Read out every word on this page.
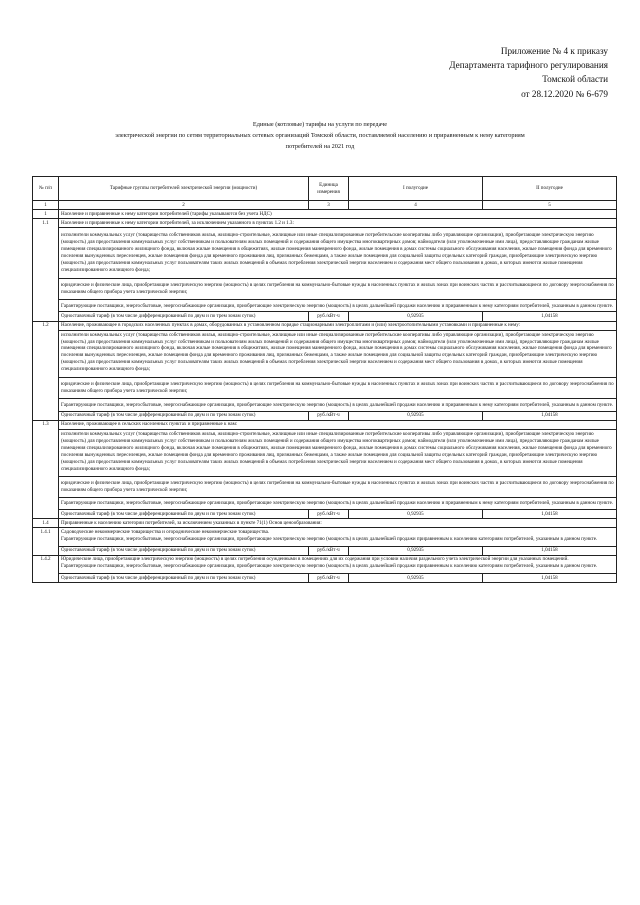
Приложение № 4 к приказу
Департамента тарифного регулирования
Томской области
от 28.12.2020 № 6-679
Единые (котловые) тарифы на услуги по передаче
электрической энергии по сетям территориальных сетевых организаций Томской области, поставляемой населению и приравненным к нему категориям
потребителей на 2021 год
№ п/п	Тарифные группы потребителей электрической энергии (мощности)	Единица измерения	I полугодие	II полугодие
1	2	3	4	5
1	Население и приравненные к нему категории потребителей (тарифы указываются без учета НДС)			
1.1	Население и приравненные к нему категории потребителей, за исключением указанного в пунктах 1.2 и 1.3:			
	исполнители коммунальных услуг (товарищества собственников жилья, жилищно-строительные, жилищные или иные специализированные потребительские кооперативы либо управляющие организации), приобретающие электрическую энергию (мощность) для предоставления коммунальных услуг собственникам и пользователям жилых помещений и содержания общего имущества многоквартирных домов; наймодатели (или уполномоченные ими лица), предоставляющие гражданам жилые помещения специализированного жилищного фонда, включая жилые помещения в общежитиях, жилые помещения маневренного фонда, жилые помещения в домах системы социального обслуживания населения, жилые помещения фонда для временного поселения вынужденных переселенцев, жилые помещения фонда для временного проживания лиц, признанных беженцами, а также жилые помещения для социальной защиты отдельных категорий граждан, приобретающие электрическую энергию (мощность) для предоставления коммунальных услуг пользователям таких жилых помещений в объемах потребления электрической энергии населением и содержания мест общего пользования в домах, в которых имеются жилые помещения специализированного жилищного фонда;			
	юридические и физические лица, приобретающие электрическую энергию (мощность) в целях потребления на коммунально-бытовые нужды в населенных пунктах и жилых зонах при воинских частях и рассчитывающиеся по договору энергоснабжения по показаниям общего прибора учета электрической энергии;			
	Гарантирующие поставщики, энергосбытовые, энергоснабжающие организации, приобретающие электрическую энергию (мощность) в целях дальнейшей продажи населению и приравненным к нему категориям потребителей, указанным в данном пункте.			
	Одноставочный тариф (в том числе дифференцированный по двум и по трем зонам суток)	руб./кВт·ч	0,92935	1,04158
1.2	Население, проживающее в городских населенных пунктах в домах, оборудованных в установленном порядке стационарными электроплитами и (или) электроотопительными установками и приравненные к нему:			
	исполнители коммунальных услуг (товарищества собственников жилья, жилищно-строительные, жилищные или иные специализированные потребительские кооперативы либо управляющие организации), приобретающие электрическую энергию (мощность) для предоставления коммунальных услуг собственникам и пользователям жилых помещений и содержания общего имущества многоквартирных домов; наймодатели (или уполномоченные ими лица), предоставляющие гражданам жилые помещения специализированного жилищного фонда, включая жилые помещения в общежитиях, жилые помещения маневренного фонда, жилые помещения в домах системы социального обслуживания населения, жилые помещения фонда для временного поселения вынужденных переселенцев, жилые помещения фонда для временного проживания лиц, признанных беженцами, а также жилые помещения для социальной защиты отдельных категорий граждан, приобретающие электрическую энергию (мощность) для предоставления коммунальных услуг пользователям таких жилых помещений в объемах потребления электрической энергии населением и содержания мест общего пользования в домах, в которых имеются жилые помещения специализированного жилищного фонда;			
	юридические и физические лица, приобретающие электрическую энергию (мощность) в целях потребления на коммунально-бытовые нужды в населенных пунктах и жилых зонах при воинских частях и рассчитывающиеся по договору энергоснабжения по показаниям общего прибора учета электрической энергии;			
	Гарантирующие поставщики, энергосбытовые, энергоснабжающие организации, приобретающие электрическую энергию (мощность) в целях дальнейшей продажи населению и приравненным к нему категориям потребителей, указанным в данном пункте.			
	Одноставочный тариф (в том числе дифференцированный по двум и по трем зонам суток)	руб./кВт·ч	0,92935	1,04158
1.3	Население, проживающее в сельских населенных пунктах и приравненные к нам:			
	исполнители коммунальных услуг (товарищества собственников жилья, жилищно-строительные, жилищные или иные специализированные потребительские кооперативы либо управляющие организации), приобретающие электрическую энергию (мощность) для предоставления коммунальных услуг собственникам и пользователям жилых помещений и содержания общего имущества многоквартирных домов; наймодатели (или уполномоченные ими лица), предоставляющие гражданам жилые помещения специализированного жилищного фонда, включая жилые помещения в общежитиях, жилые помещения маневренного фонда, жилые помещения в домах системы социального обслуживания населения, жилые помещения фонда для временного поселения вынужденных переселенцев, жилые помещения фонда для временного проживания лиц, признанных беженцами, а также жилые помещения для социальной защиты отдельных категорий граждан, приобретающие электрическую энергию (мощность) для предоставления коммунальных услуг пользователям таких жилых помещений в объемах потребления электрической энергии населением и содержания мест общего пользования в домах, в которых имеются жилые помещения специализированного жилищного фонда;			
	юридические и физические лица, приобретающие электрическую энергию (мощность) в целях потребления на коммунально-бытовые нужды в населенных пунктах и жилых зонах при воинских частях и рассчитывающиеся по договору энергоснабжения по показаниям общего прибора учета электрической энергии;			
	Гарантирующие поставщики, энергосбытовые, энергоснабжающие организации, приобретающие электрическую энергию (мощность) в целях дальнейшей продажи населению и приравненным к нему категориям потребителей, указанным в данном пункте.			
	Одноставочный тариф (в том числе дифференцированный по двум и по трем зонам суток)	руб./кВт·ч	0,92935	1,04158
1.4	Приравненные к населению категории потребителей, за исключением указанных в пункте 71(1) Основ ценообразования:			
1.4.1	Садоводческие некоммерческие товарищества и огороднические некоммерческие товарищества.
Гарантирующие поставщики, энергосбытовые, энергоснабжающие организации, приобретающие электрическую энергию (мощность) в целях дальнейшей продажи приравненным к населению категориям потребителей, указанным в данном пункте.			

	Одноставочный тариф (в том числе дифференцированный по двум и по трем зонам суток)	руб./кВт·ч	0,92935	1,04158
1.4.2	Юридические лица, приобретающие электрическую энергию (мощность) в целях потребления осужденными в помещениях для их содержания при условии наличия раздельного учета электрической энергии для указанных помещений.
Гарантирующие поставщики, энергосбытовые, энергоснабжающие организации, приобретающие электрическую энергию (мощность) в целях дальнейшей продажи приравненным к населению категориям потребителей, указанным в данном пункте.			

	Одноставочный тариф (в том числе дифференцированный по двум и по трем зонам суток)	руб./кВт·ч	0,92935	1,04158
